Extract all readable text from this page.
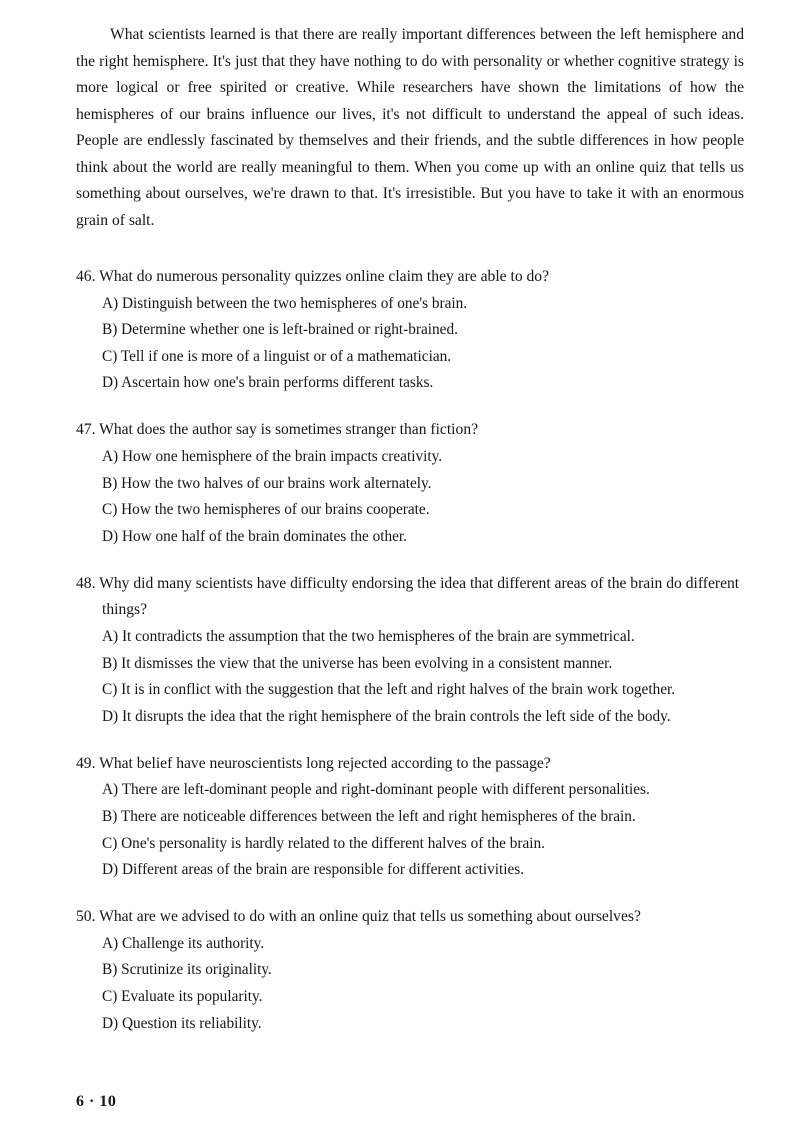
What scientists learned is that there are really important differences between the left hemisphere and the right hemisphere. It's just that they have nothing to do with personality or whether cognitive strategy is more logical or free spirited or creative. While researchers have shown the limitations of how the hemispheres of our brains influence our lives, it's not difficult to understand the appeal of such ideas. People are endlessly fascinated by themselves and their friends, and the subtle differences in how people think about the world are really meaningful to them. When you come up with an online quiz that tells us something about ourselves, we're drawn to that. It's irresistible. But you have to take it with an enormous grain of salt.

46. What do numerous personality quizzes online claim they are able to do?

A) Distinguish between the two hemispheres of one's brain.
B) Determine whether one is left-brained or right-brained.
C) Tell if one is more of a linguist or of a mathematician.
D) Ascertain how one's brain performs different tasks.

47. What does the author say is sometimes stranger than fiction?

A) How one hemisphere of the brain impacts creativity.
B) How the two halves of our brains work alternately.
C) How the two hemispheres of our brains cooperate.
D) How one half of the brain dominates the other.

48. Why did many scientists have difficulty endorsing the idea that different areas of the brain do different things?

A) It contradicts the assumption that the two hemispheres of the brain are symmetrical.
B) It dismisses the view that the universe has been evolving in a consistent manner.
C) It is in conflict with the suggestion that the left and right halves of the brain work together.
D) It disrupts the idea that the right hemisphere of the brain controls the left side of the body.

49. What belief have neuroscientists long rejected according to the passage?

A) There are left-dominant people and right-dominant people with different personalities.
B) There are noticeable differences between the left and right hemispheres of the brain.
C) One's personality is hardly related to the different halves of the brain.
D) Different areas of the brain are responsible for different activities.

50. What are we advised to do with an online quiz that tells us something about ourselves?

A) Challenge its authority.
B) Scrutinize its originality.
C) Evaluate its popularity.
D) Question its reliability.

6 · 10
